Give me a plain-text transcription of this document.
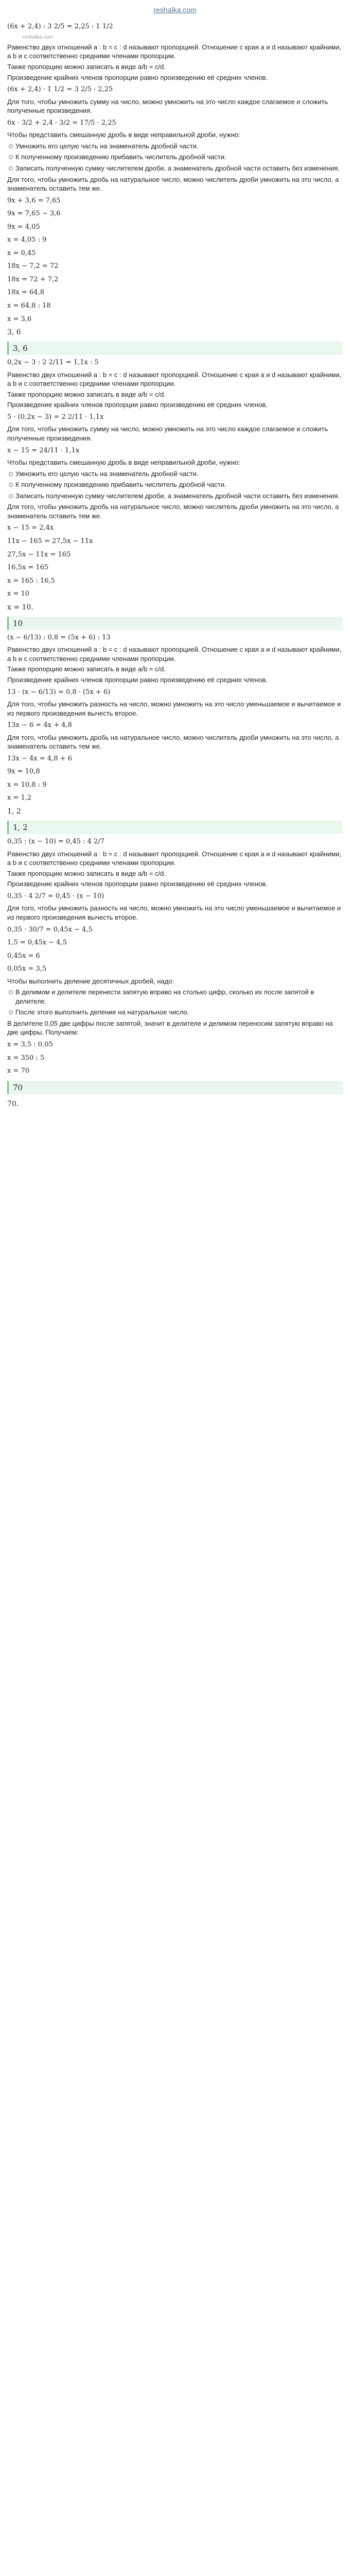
reshalka.com
(6x + 2,4) : 3 2/5 = 2,25 : 1 1/2
reshalka.com
Равенство двух отношений a : b = c : d называют пропорцией. Отношение с края a и d называют крайними, а b и c соответственно средними членами пропорции.
Также пропорцию можно записать в виде a/b = c/d.
Произведение крайних членов пропорции равно произведению её средних членов.
(6x + 2,4) · 1 1/2 = 3 2/5 · 2,25
Для того, чтобы умножить сумму на число, можно умножить на это число каждое слагаемое и сложить полученные произведения.
6x · 3/2 + 2,4 · 3/2 = 17/5 · 2,25
Чтобы представить смешанную дробь в виде неправильной дроби, нужно:
Умножить его целую часть на знаменатель дробной части.
К полученному произведению прибавить числитель дробной части.
Записать полученную сумму числителем дроби, а знаменатель дробной части оставить без изменения.
Для того, чтобы умножить дробь на натуральное число, можно числитель дроби умножить на это число, а знаменатель оставить тем же.
9x + 3,6 = 7,65
9x = 7,65 − 3,6
9x = 4,05
x = 4,05 : 9
x = 0,45
18x − 7,2 = 72
18x = 72 + 7,2
18x = 64,8
x = 64,8 : 18
x = 3,6
3, 6
3, 6
0,2x − 3 : 2 2/11 = 1,1x : 5
Равенство двух отношений a : b = c : d называют пропорцией. Отношение с края a и d называют крайними, а b и c соответственно средними членами пропорции.
Также пропорцию можно записать в виде a/b = c/d.
Произведение крайних членов пропорции равно произведению её средних членов.
5 · (0,2x − 3) = 2 2/11 · 1,1x
Для того, чтобы умножить сумму на число, можно умножить на это число каждое слагаемое и сложить полученные произведения.
x − 15 = 24/11 · 1,1x
Чтобы представить смешанную дробь в виде неправильной дроби, нужно:
Умножить его целую часть на знаменатель дробной части.
К полученному произведению прибавить числитель дробной части.
Записать полученную сумму числителем дроби, а знаменатель дробной части оставить без изменения.
Для того, чтобы умножить дробь на натуральное число, можно числитель дроби умножить на это число, а знаменатель оставить тем же.
x − 15 = 2,4x
11x − 165 = 27,5x − 11x
27,5x − 11x = 165
16,5x = 165
x = 165 : 16,5
x = 10
x = 10.
10
(x − 6/13) : 0,8 = (5x + 6) : 13
Равенство двух отношений a : b = c : d называют пропорцией. Отношение с края a и d называют крайними, а b и c соответственно средними членами пропорции.
Также пропорцию можно записать в виде a/b = c/d.
Произведение крайних членов пропорции равно произведению её средних членов.
13 · (x − 6/13) = 0,8 · (5x + 6)
Для того, чтобы умножить разность на число, можно умножить на это число уменьшаемое и вычитаемое и из первого произведения вычесть второе.
13x − 6 = 4x + 4,8
Для того, чтобы умножить дробь на натуральное число, можно числитель дроби умножить на это число, а знаменатель оставить тем же.
13x − 4x = 4,8 + 6
9x = 10,8
x = 10,8 : 9
x = 1,2
1, 2
1, 2
0,35 : (x − 10) = 0,45 : 4 2/7
Равенство двух отношений a : b = c : d называют пропорцией. Отношение с края a и d называют крайними, а b и c соответственно средними членами пропорции.
Также пропорцию можно записать в виде a/b = c/d.
Произведение крайних членов пропорции равно произведению её средних членов.
0,35 · 4 2/7 = 0,45 · (x − 10)
Для того, чтобы умножить разность на число, можно умножить на это число уменьшаемое и вычитаемое и из первого произведения вычесть второе.
0,35 · 30/7 = 0,45x − 4,5
1,5 = 0,45x − 4,5
0,45x = 6
0,05x = 3,5
Чтобы выполнить деление десятичных дробей, надо:
В делимом и делителе перенести запятую вправо на столько цифр, сколько их после запятой в делителе.
После этого выполнить деление на натуральное число.
В делителе 0,05 две цифры после запятой, значит в делителе и делимом переносим запятую вправо на две цифры. Получаем:
x = 3,5 : 0,05
x = 350 : 5
x = 70
70
70.
